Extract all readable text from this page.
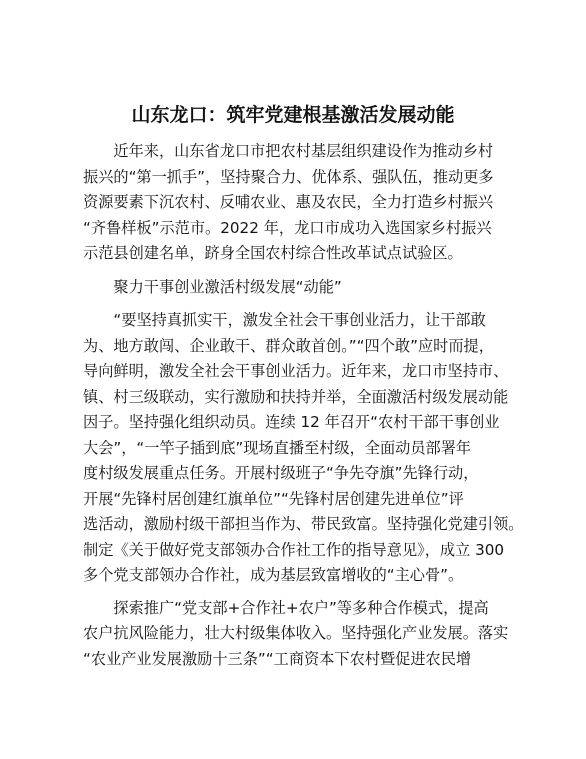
山东龙口：筑牢党建根基激活发展动能

近年来，山东省龙口市把农村基层组织建设作为推动乡村
振兴的“第一抓手”，坚持聚合力、优体系、强队伍，推动更多
资源要素下沉农村、反哺农业、惠及农民，全力打造乡村振兴
“齐鲁样板”示范市。2022 年，龙口市成功入选国家乡村振兴
示范县创建名单，跻身全国农村综合性改革试点试验区。

聚力干事创业激活村级发展“动能”

“要坚持真抓实干，激发全社会干事创业活力，让干部敢
为、地方敢闯、企业敢干、群众敢首创。”“四个敢”应时而提，
导向鲜明，激发全社会干事创业活力。近年来，龙口市坚持市、
镇、村三级联动，实行激励和扶持并举，全面激活村级发展动能
因子。坚持强化组织动员。连续 12 年召开“农村干部干事创业
大会”，“一竿子插到底”现场直播至村级，全面动员部署年
度村级发展重点任务。开展村级班子“争先夺旗”先锋行动，
开展“先锋村居创建红旗单位”“先锋村居创建先进单位”评
选活动，激励村级干部担当作为、带民致富。坚持强化党建引领。
制定《关于做好党支部领办合作社工作的指导意见》，成立 300
多个党支部领办合作社，成为基层致富增收的“主心骨”。

探索推广“党支部+合作社+农户”等多种合作模式，提高
农户抗风险能力，壮大村级集体收入。坚持强化产业发展。落实
“农业产业发展激励十三条”“工商资本下农村暨促进农民增
